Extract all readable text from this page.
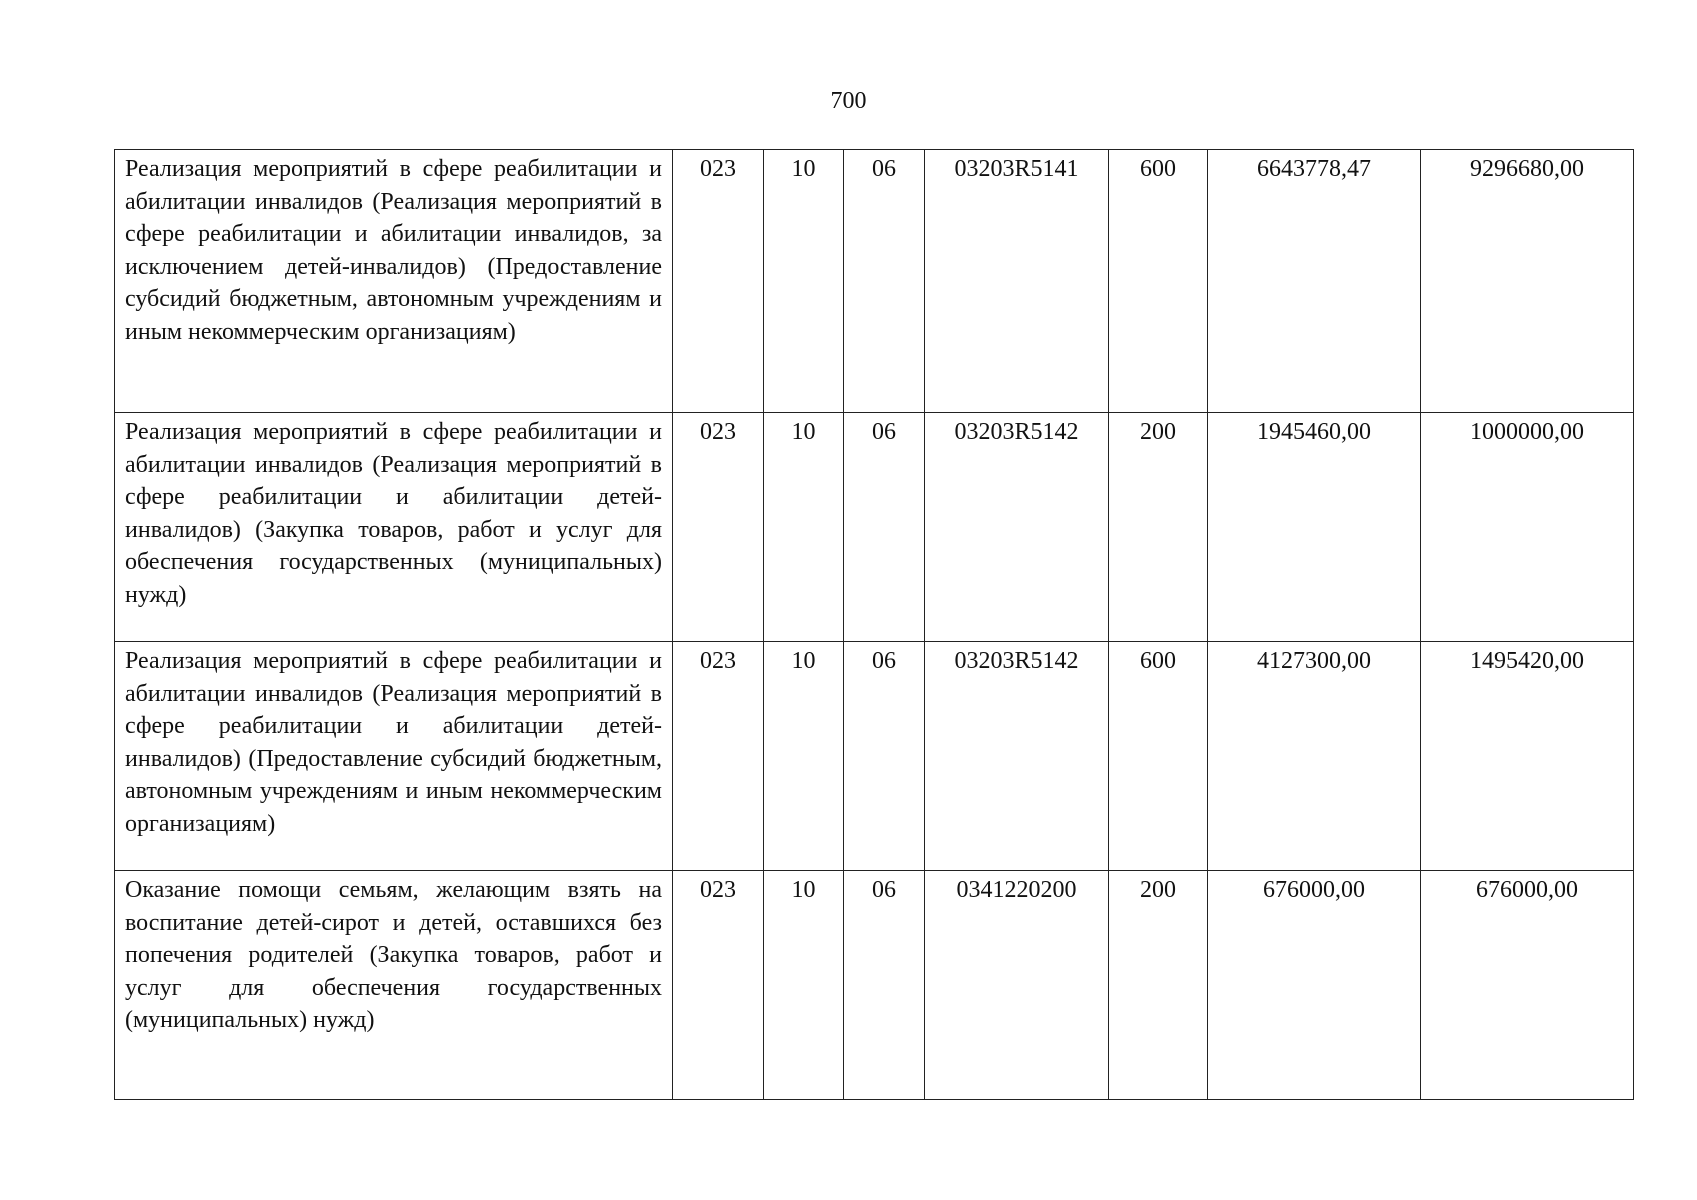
700
Реализация мероприятий в сфере реабилитации и абилитации инвалидов (Реализация мероприятий в сфере реабилитации и абилитации инвалидов, за исключением детей-инвалидов) (Предоставление субсидий бюджетным, автономным учреждениям и иным некоммерческим организациям)	023	10	06	03203R5141	600	6643778,47	9296680,00
Реализация мероприятий в сфере реабилитации и абилитации инвалидов (Реализация мероприятий в сфере реабилитации и абилитации детей-инвалидов) (Закупка товаров, работ и услуг для обеспечения государственных (муниципальных) нужд)	023	10	06	03203R5142	200	1945460,00	1000000,00
Реализация мероприятий в сфере реабилитации и абилитации инвалидов (Реализация мероприятий в сфере реабилитации и абилитации детей-инвалидов) (Предоставление субсидий бюджетным, автономным учреждениям и иным некоммерческим организациям)	023	10	06	03203R5142	600	4127300,00	1495420,00
Оказание помощи семьям, желающим взять на воспитание детей-сирот и детей, оставшихся без попечения родителей (Закупка товаров, работ и услуг для обеспечения государственных (муниципальных) нужд)	023	10	06	0341220200	200	676000,00	676000,00
